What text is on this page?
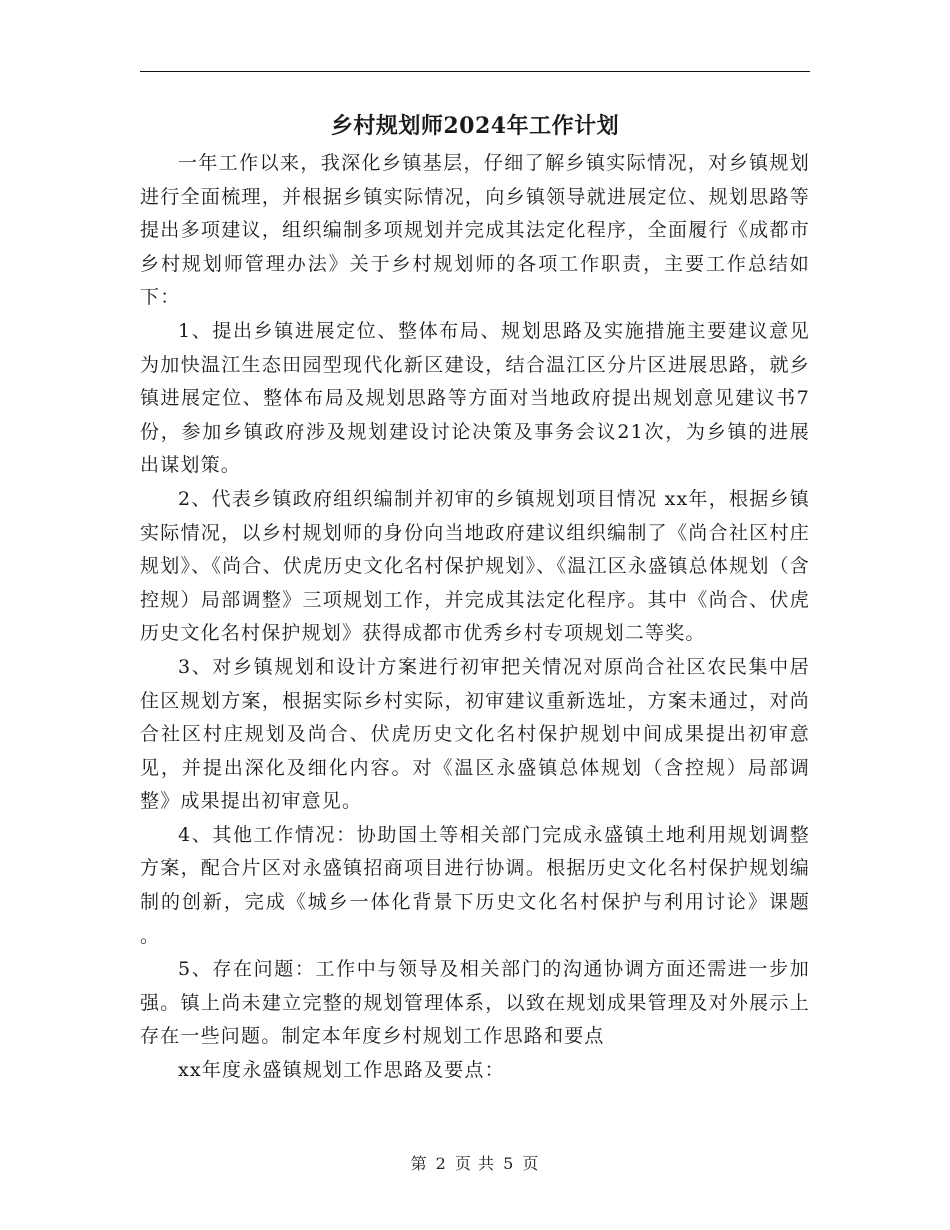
乡村规划师2024年工作计划

一年工作以来，我深化乡镇基层，仔细了解乡镇实际情况，对乡镇规划进行全面梳理，并根据乡镇实际情况，向乡镇领导就进展定位、规划思路等提出多项建议，组织编制多项规划并完成其法定化程序，全面履行《成都市乡村规划师管理办法》关于乡村规划师的各项工作职责，主要工作总结如下：

1、提出乡镇进展定位、整体布局、规划思路及实施措施主要建议意见 为加快温江生态田园型现代化新区建设，结合温江区分片区进展思路，就乡镇进展定位、整体布局及规划思路等方面对当地政府提出规划意见建议书7份，参加乡镇政府涉及规划建设讨论决策及事务会议21次，为乡镇的进展出谋划策。

2、代表乡镇政府组织编制并初审的乡镇规划项目情况 xx年，根据乡镇实际情况，以乡村规划师的身份向当地政府建议组织编制了《尚合社区村庄规划》、《尚合、伏虎历史文化名村保护规划》、《温江区永盛镇总体规划（含控规）局部调整》三项规划工作，并完成其法定化程序。其中《尚合、伏虎历史文化名村保护规划》获得成都市优秀乡村专项规划二等奖。

3、对乡镇规划和设计方案进行初审把关情况对原尚合社区农民集中居住区规划方案，根据实际乡村实际，初审建议重新选址，方案未通过，对尚合社区村庄规划及尚合、伏虎历史文化名村保护规划中间成果提出初审意见，并提出深化及细化内容。对《温区永盛镇总体规划（含控规）局部调整》成果提出初审意见。

4、其他工作情况：协助国土等相关部门完成永盛镇土地利用规划调整方案，配合片区对永盛镇招商项目进行协调。根据历史文化名村保护规划编制的创新，完成《城乡一体化背景下历史文化名村保护与利用讨论》课题 。

5、存在问题：工作中与领导及相关部门的沟通协调方面还需进一步加强。镇上尚未建立完整的规划管理体系，以致在规划成果管理及对外展示上存在一些问题。制定本年度乡村规划工作思路和要点

xx年度永盛镇规划工作思路及要点：

第 2 页 共 5 页
